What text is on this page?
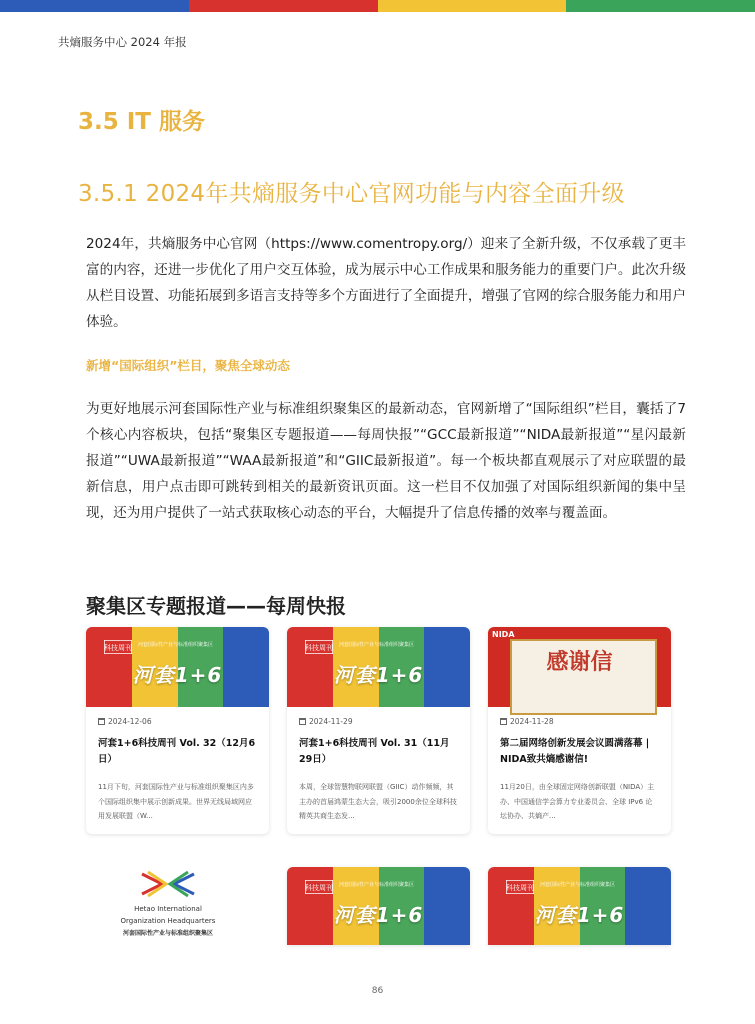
共熵服务中心 2024 年报
3.5 IT 服务
3.5.1 2024年共熵服务中心官网功能与内容全面升级
2024年，共熵服务中心官网（https://www.comentropy.org/）迎来了全新升级，不仅承载了更丰富的内容，还进一步优化了用户交互体验，成为展示中心工作成果和服务能力的重要门户。此次升级从栏目设置、功能拓展到多语言支持等多个方面进行了全面提升，增强了官网的综合服务能力和用户体验。
新增“国际组织”栏目，聚焦全球动态
为更好地展示河套国际性产业与标准组织聚集区的最新动态，官网新增了“国际组织”栏目，囊括了7个核心内容板块，包括“聚集区专题报道——每周快报”“GCC最新报道”“NIDA最新报道”“星闪最新报道”“UWA最新报道”“WAA最新报道”和“GIIC最新报道”。每一个板块都直观展示了对应联盟的最新信息，用户点击即可跳转到相关的最新资讯页面。这一栏目不仅加强了对国际组织新闻的集中呈现，还为用户提供了一站式获取核心动态的平台，大幅提升了信息传播的效率与覆盖面。
聚集区专题报道——每周快报
科技周刊 河套国际性产业与标准组织聚集区
河套1+6
2024-12-06
河套1+6科技周刊 Vol. 32（12月6日）
11月下旬，河套国际性产业与标准组织聚集区内多个国际组织集中展示创新成果。世界无线局域网应用发展联盟（W...
科技周刊 河套国际性产业与标准组织聚集区
河套1+6
2024-11-29
河套1+6科技周刊 Vol. 31（11月29日）
本周，全球智慧物联网联盟（GIIC）动作频频，其主办的首届鸿蒙生态大会，吸引2000余位全球科技精英共商生态发...
NIDA
感谢信
2024-11-28
第二届网络创新发展会议圆满落幕 | NIDA致共熵感谢信!
11月20日，由全球固定网络创新联盟（NIDA）主办、中国通信学会算力专业委员会、全球 IPv6 论坛协办、共熵产...
Hetao International
Organization Headquarters
河套国际性产业与标准组织聚集区
科技周刊 河套国际性产业与标准组织聚集区
河套1+6
科技周刊 河套国际性产业与标准组织聚集区
河套1+6
86
